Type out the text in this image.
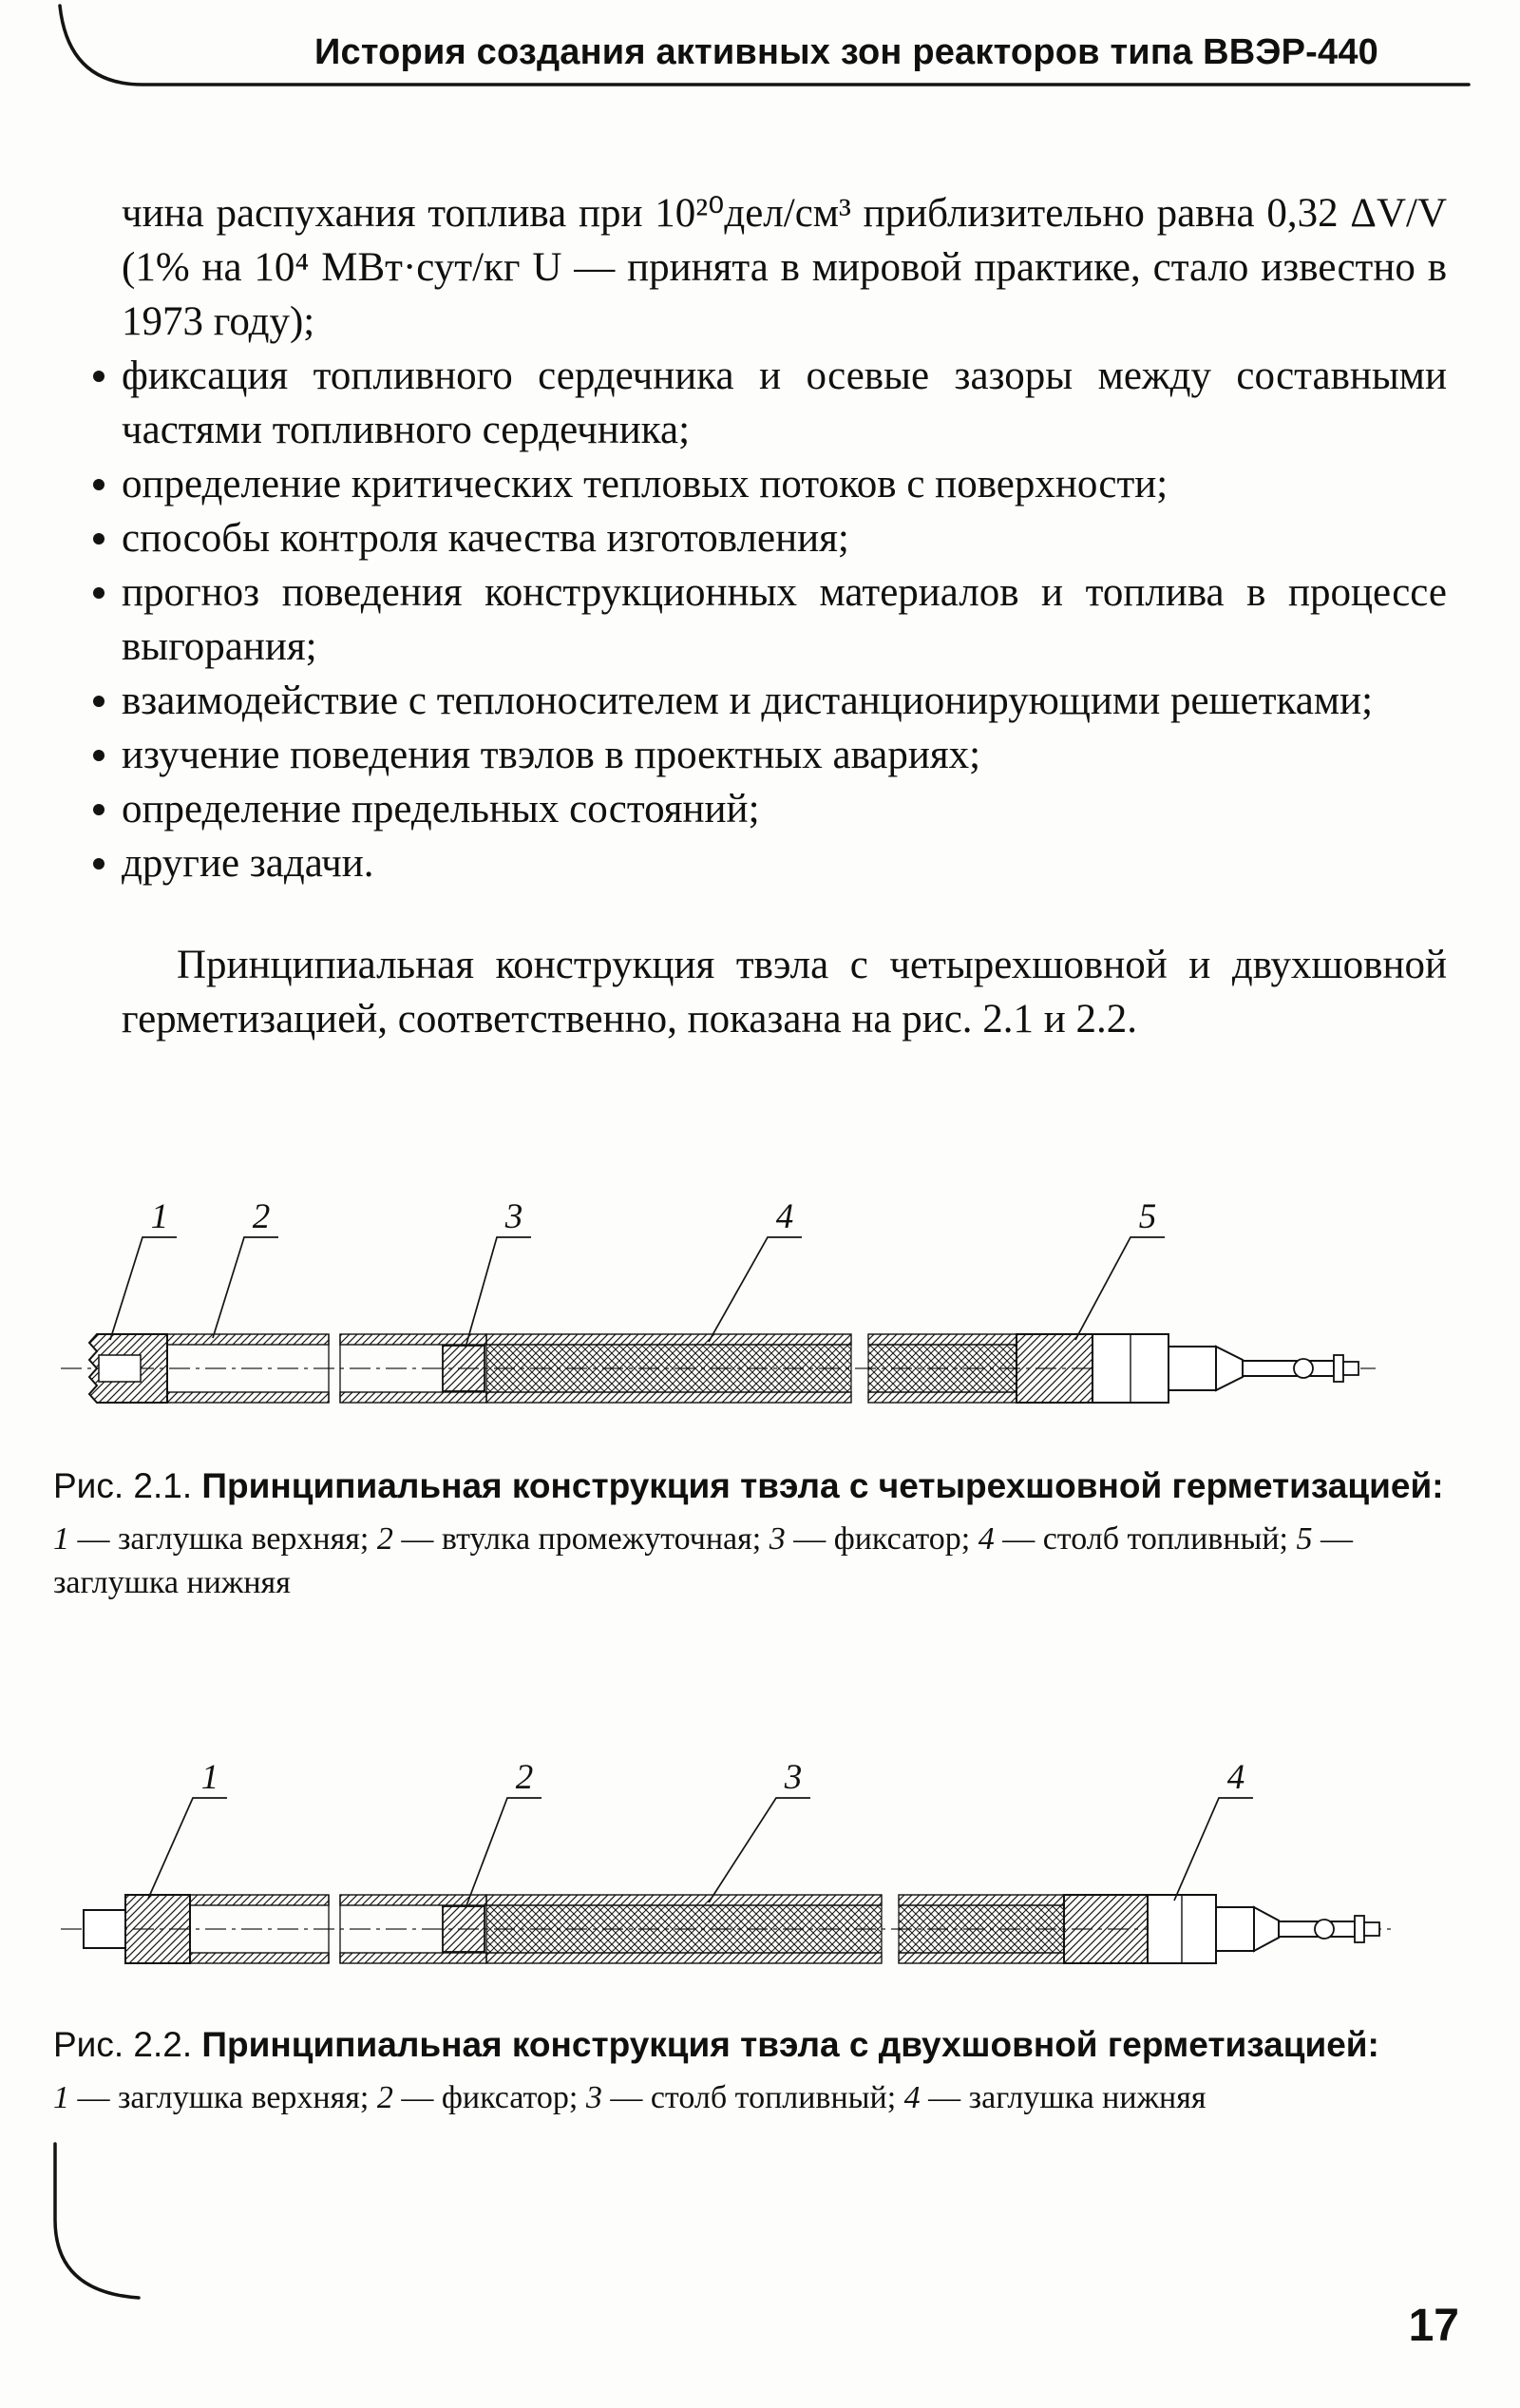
История создания активных зон реакторов типа ВВЭР-440

чина распухания топлива при 10²⁰дел/см³ приблизительно равна 0,32 ΔV/V (1% на 10⁴ МВт·сут/кг U — принята в мировой практике, стало известно в 1973 году);

фиксация топливного сердечника и осевые зазоры между составными частями топливного сердечника;
определение критических тепловых потоков с поверхности;
способы контроля качества изготовления;
прогноз поведения конструкционных материалов и топлива в процессе выгорания;
взаимодействие с теплоносителем и дистанционирующими решетками;
изучение поведения твэлов в проектных авариях;
определение предельных состояний;
другие задачи.

Принципиальная конструкция твэла с четырехшовной и двухшовной герметизацией, соответственно, показана на рис. 2.1 и 2.2.

1 2	3	4	5

Рис. 2.1. Принципиальная конструкция твэла с четырехшовной герметизацией:

1 — заглушка верхняя; 2 — втулка промежуточная; 3 — фиксатор; 4 — столб топливный; 5 — заглушка нижняя

1	2	3	4

Рис. 2.2. Принципиальная конструкция твэла с двухшовной герметизацией:

1 — заглушка верхняя; 2 — фиксатор; 3 — столб топливный; 4 — заглушка нижняя

17
